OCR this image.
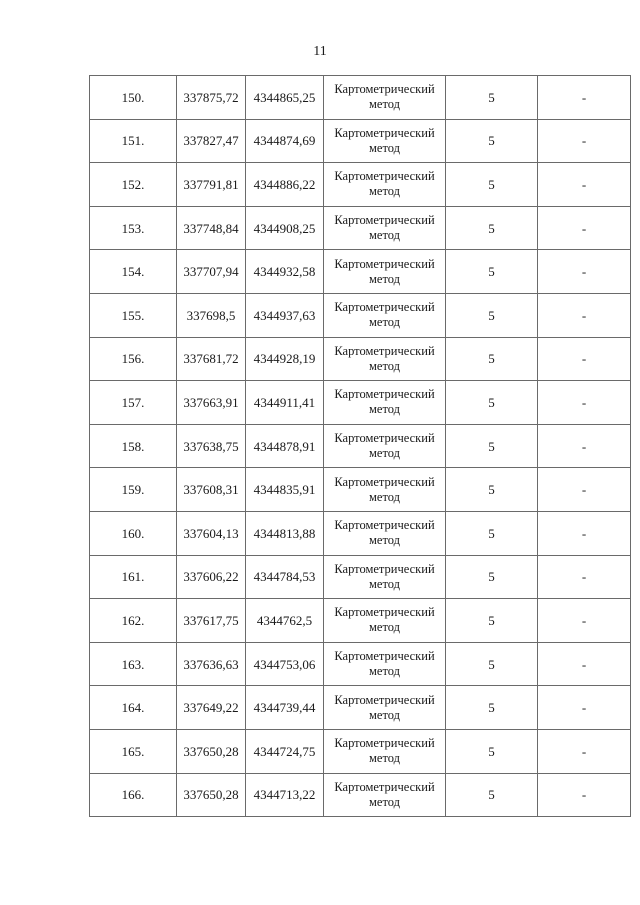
11
150.	337875,72	4344865,25	Картометрический метод	5	-
151.	337827,47	4344874,69	Картометрический метод	5	-
152.	337791,81	4344886,22	Картометрический метод	5	-
153.	337748,84	4344908,25	Картометрический метод	5	-
154.	337707,94	4344932,58	Картометрический метод	5	-
155.	337698,5	4344937,63	Картометрический метод	5	-
156.	337681,72	4344928,19	Картометрический метод	5	-
157.	337663,91	4344911,41	Картометрический метод	5	-
158.	337638,75	4344878,91	Картометрический метод	5	-
159.	337608,31	4344835,91	Картометрический метод	5	-
160.	337604,13	4344813,88	Картометрический метод	5	-
161.	337606,22	4344784,53	Картометрический метод	5	-
162.	337617,75	4344762,5	Картометрический метод	5	-
163.	337636,63	4344753,06	Картометрический метод	5	-
164.	337649,22	4344739,44	Картометрический метод	5	-
165.	337650,28	4344724,75	Картометрический метод	5	-
166.	337650,28	4344713,22	Картометрический метод	5	-
